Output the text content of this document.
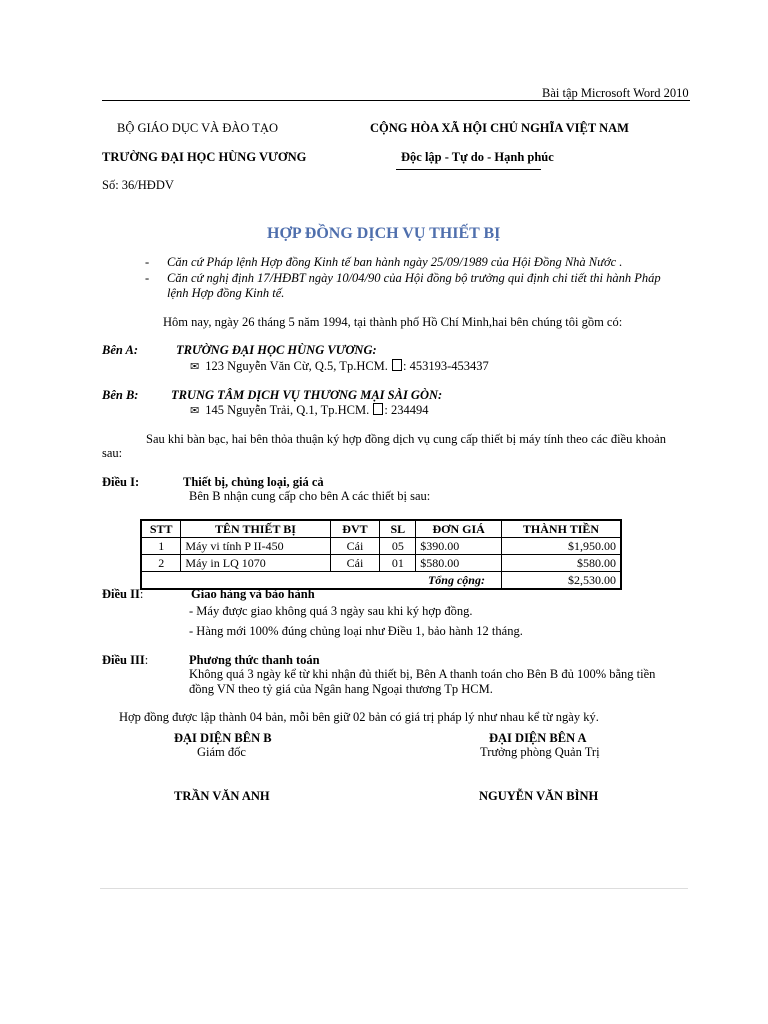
Bài tập Microsoft Word 2010
BỘ GIÁO DỤC VÀ ĐÀO TẠO	CỘNG HÒA XÃ HỘI CHỦ NGHĨA VIỆT NAM
TRƯỜNG ĐẠI HỌC HÙNG VƯƠNG	Độc lập - Tự do - Hạnh phúc
Số: 36/HĐDV
HỢP ĐỒNG DỊCH VỤ THIẾT BỊ
- Căn cứ Pháp lệnh Hợp đồng Kinh tế ban hành ngày 25/09/1989 của Hội Đồng Nhà Nước .
- Căn cứ nghị định 17/HĐBT ngày 10/04/90 của Hội đồng bộ trưởng qui định chi tiết thi hành Pháp
lệnh Hợp đồng Kinh tế.
Hôm nay, ngày 26 tháng 5 năm 1994, tại thành phố Hồ Chí Minh,hai bên chúng tôi gồm có:
Bên A:	TRƯỜNG ĐẠI HỌC HÙNG VƯƠNG:
✉ 123 Nguyễn Văn Cừ, Q.5, Tp.HCM. : 453193-453437
Bên B:	TRUNG TÂM DỊCH VỤ THƯƠNG MẠI SÀI GÒN:
✉ 145 Nguyễn Trải, Q.1, Tp.HCM. : 234494
Sau khi bàn bạc, hai bên thỏa thuận ký hợp đồng dịch vụ cung cấp thiết bị máy tính theo các điều khoản
sau:
Điều I:	Thiết bị, chủng loại, giá cả
Bên B nhận cung cấp cho bên A các thiết bị sau:
STT	TÊN THIẾT BỊ	ĐVT	SL	ĐƠN GIÁ	THÀNH TIỀN
1	Máy vi tính P II-450	Cái	05	$390.00	$1,950.00
2	Máy in LQ 1070	Cái	01	$580.00	$580.00
Tổng cộng:					$2,530.00
Điều II:	Giao hàng và bảo hành
- Máy được giao không quá 3 ngày sau khi ký hợp đồng.
- Hàng mới 100% đúng chủng loại như Điều 1, bảo hành 12 tháng.
Điều III:	Phương thức thanh toán
Không quá 3 ngày kể từ khi nhận đủ thiết bị, Bên A thanh toán cho Bên B đủ 100% bằng tiền
đồng VN theo tỷ giá của Ngân hang Ngoại thương Tp HCM.
Hợp đồng được lập thành 04 bản, mỗi bên giữ 02 bản có giá trị pháp lý như nhau kể từ ngày ký.
ĐẠI DIỆN BÊN B
Giám đốc
TRẦN VĂN ANH
ĐẠI DIỆN BÊN A
Trưởng phòng Quản Trị
NGUYỄN VĂN BÌNH
